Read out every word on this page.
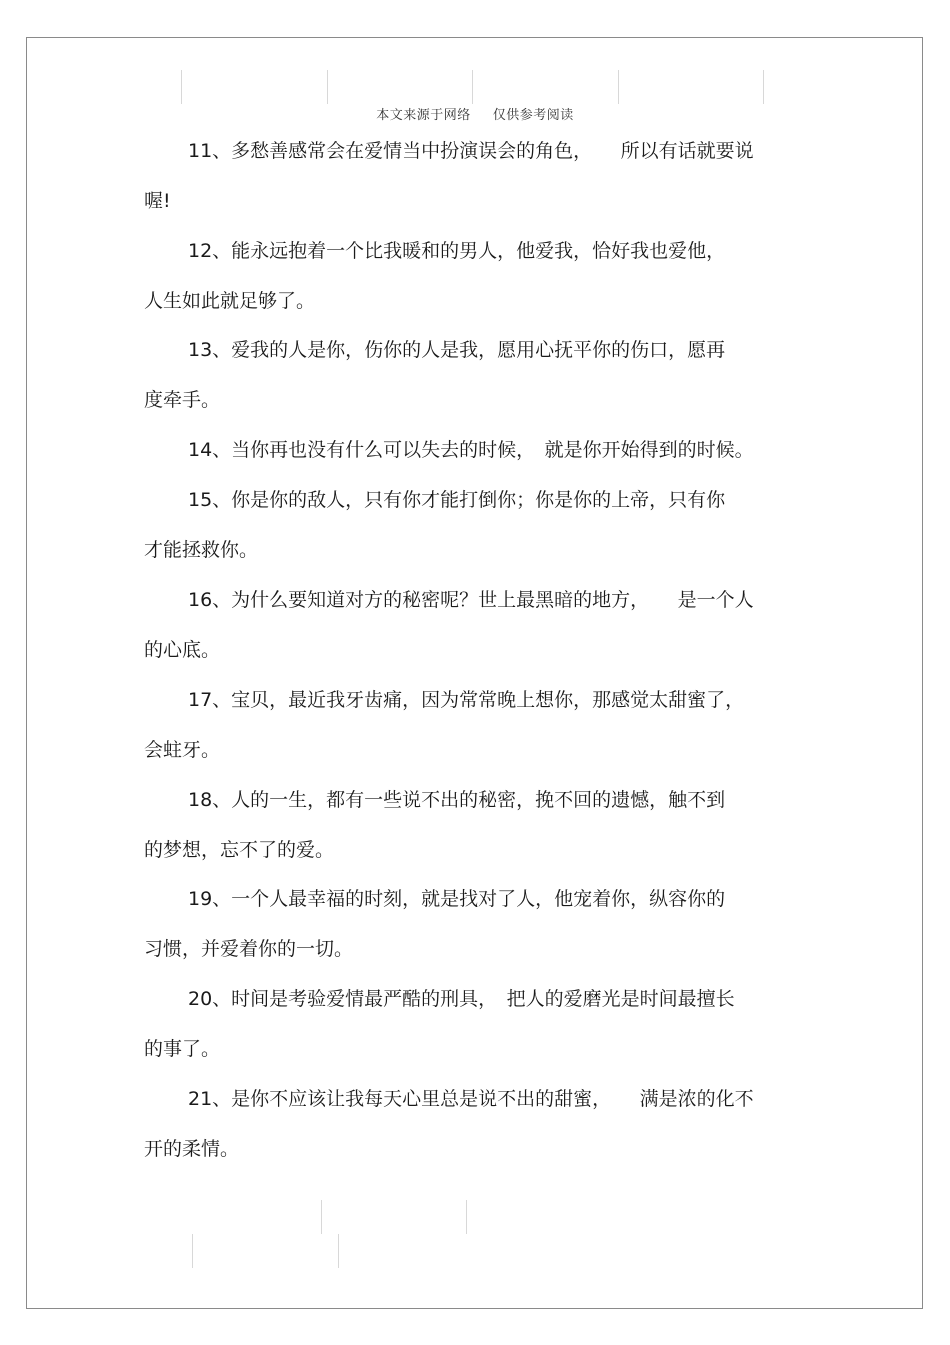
本文来源于网络 仅供参考阅读
11、多愁善感常会在爱情当中扮演误会的角色，　　所以有话就要说
喔!
12、能永远抱着一个比我暖和的男人，他爱我，恰好我也爱他，
人生如此就足够了。
13、爱我的人是你，伤你的人是我，愿用心抚平你的伤口，愿再
度牵手。
14、当你再也没有什么可以失去的时候，　就是你开始得到的时候。
15、你是你的敌人，只有你才能打倒你；你是你的上帝，只有你
才能拯救你。
16、为什么要知道对方的秘密呢？世上最黑暗的地方，　　是一个人
的心底。
17、宝贝，最近我牙齿痛，因为常常晚上想你，那感觉太甜蜜了，
会蛀牙。
18、人的一生，都有一些说不出的秘密，挽不回的遗憾，触不到
的梦想，忘不了的爱。
19、一个人最幸福的时刻，就是找对了人，他宠着你，纵容你的
习惯，并爱着你的一切。
20、时间是考验爱情最严酷的刑具，　把人的爱磨光是时间最擅长
的事了。
21、是你不应该让我每天心里总是说不出的甜蜜，　　满是浓的化不
开的柔情。
